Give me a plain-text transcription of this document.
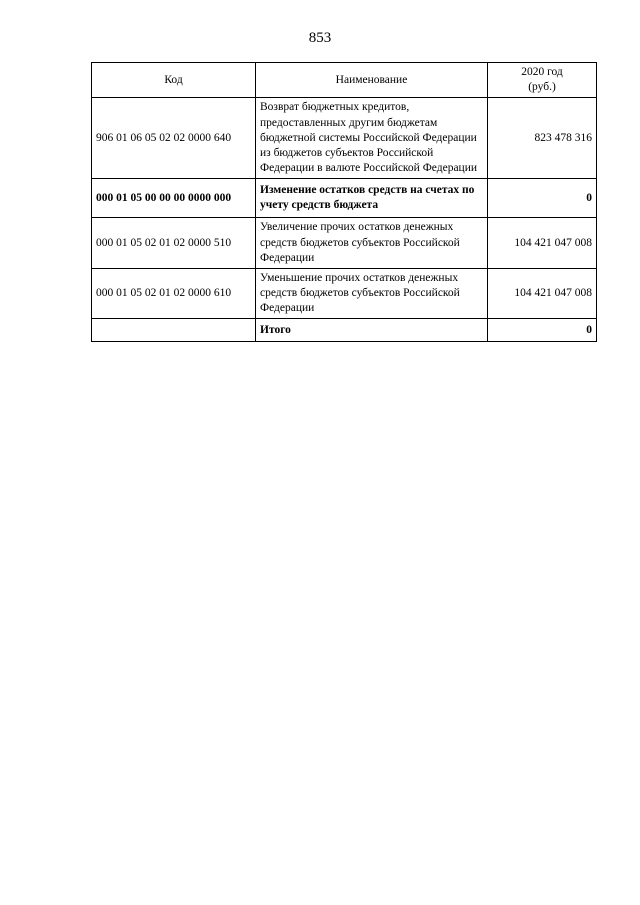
853
Код	Наименование	2020 год
(руб.)
906 01 06 05 02 02 0000 640	Возврат бюджетных кредитов, предоставленных другим бюджетам бюджетной системы Российской Федерации из бюджетов субъектов Российской Федерации в валюте Российской Федерации	823 478 316
000 01 05 00 00 00 0000 000	Изменение остатков средств на счетах по учету средств бюджета	0
000 01 05 02 01 02 0000 510	Увеличение прочих остатков денежных средств бюджетов субъектов Российской Федерации	104 421 047 008
000 01 05 02 01 02 0000 610	Уменьшение прочих остатков денежных средств бюджетов субъектов Российской Федерации	104 421 047 008
	Итого	0
